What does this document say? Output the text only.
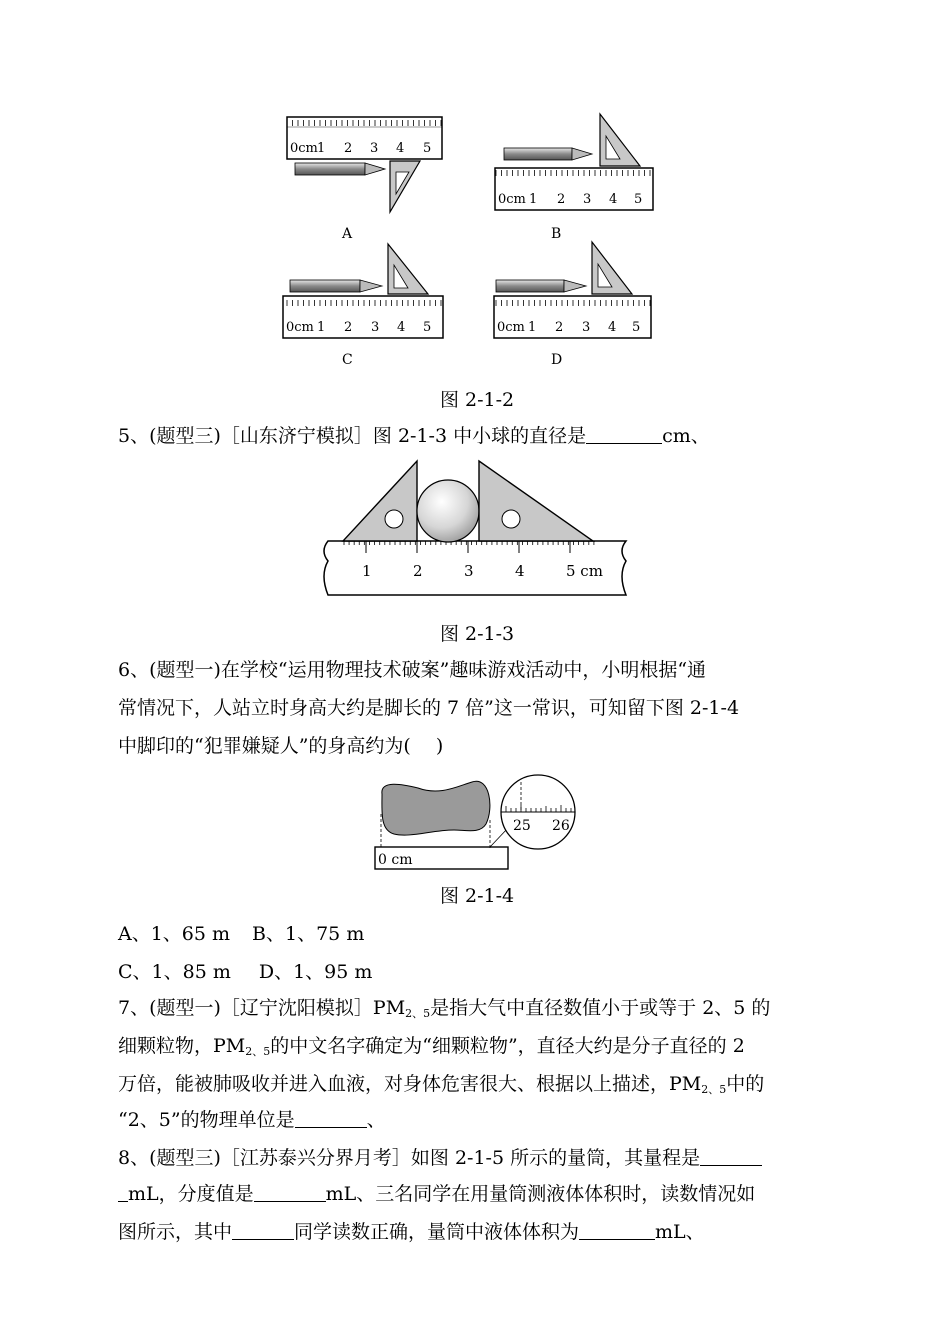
0cm 1 2 3 4 5
A
0cm 1 2 3 4 5
B
0cm 1 2 3 4 5
C
0cm 1 2 3 4 5
D
图 2-1-2
5、(题型三)［山东济宁模拟］图 2-1-3 中小球的直径是	cm、
1	2	3	4	5 cm
图 2-1-3
6、(题型一)在学校“运用物理技术破案”趣味游戏活动中，小明根据“通
常情况下，人站立时身高大约是脚长的 7 倍”这一常识，可知留下图 2-1-4
中脚印的“犯罪嫌疑人”的身高约为(　 )
0 cm
25 26
图 2-1-4
A、1、65 m B、1、75 m
C、1、85 m D、1、95 m
7、(题型一)［辽宁沈阳模拟$]PM_{2、5}$是指大气中直径数值小于或等于 2、5 的
细颗粒物，$PM_{2、5}$的中文名字确定为“细颗粒物”，直径大约是分子直径的 2
万倍，能被肺吸收并进入血液，对身体危害很大、根据以上描述，$PM_{2、5}$中的
“2、5”的物理单位是	、
8、(题型三)［江苏泰兴分界月考］如图 2-1-5 所示的量筒，其量程是
mL，分度值是	mL、三名同学在用量筒测液体体积时，读数情况如
图所示，其中	同学读数正确，量筒中液体体积为	mL、
